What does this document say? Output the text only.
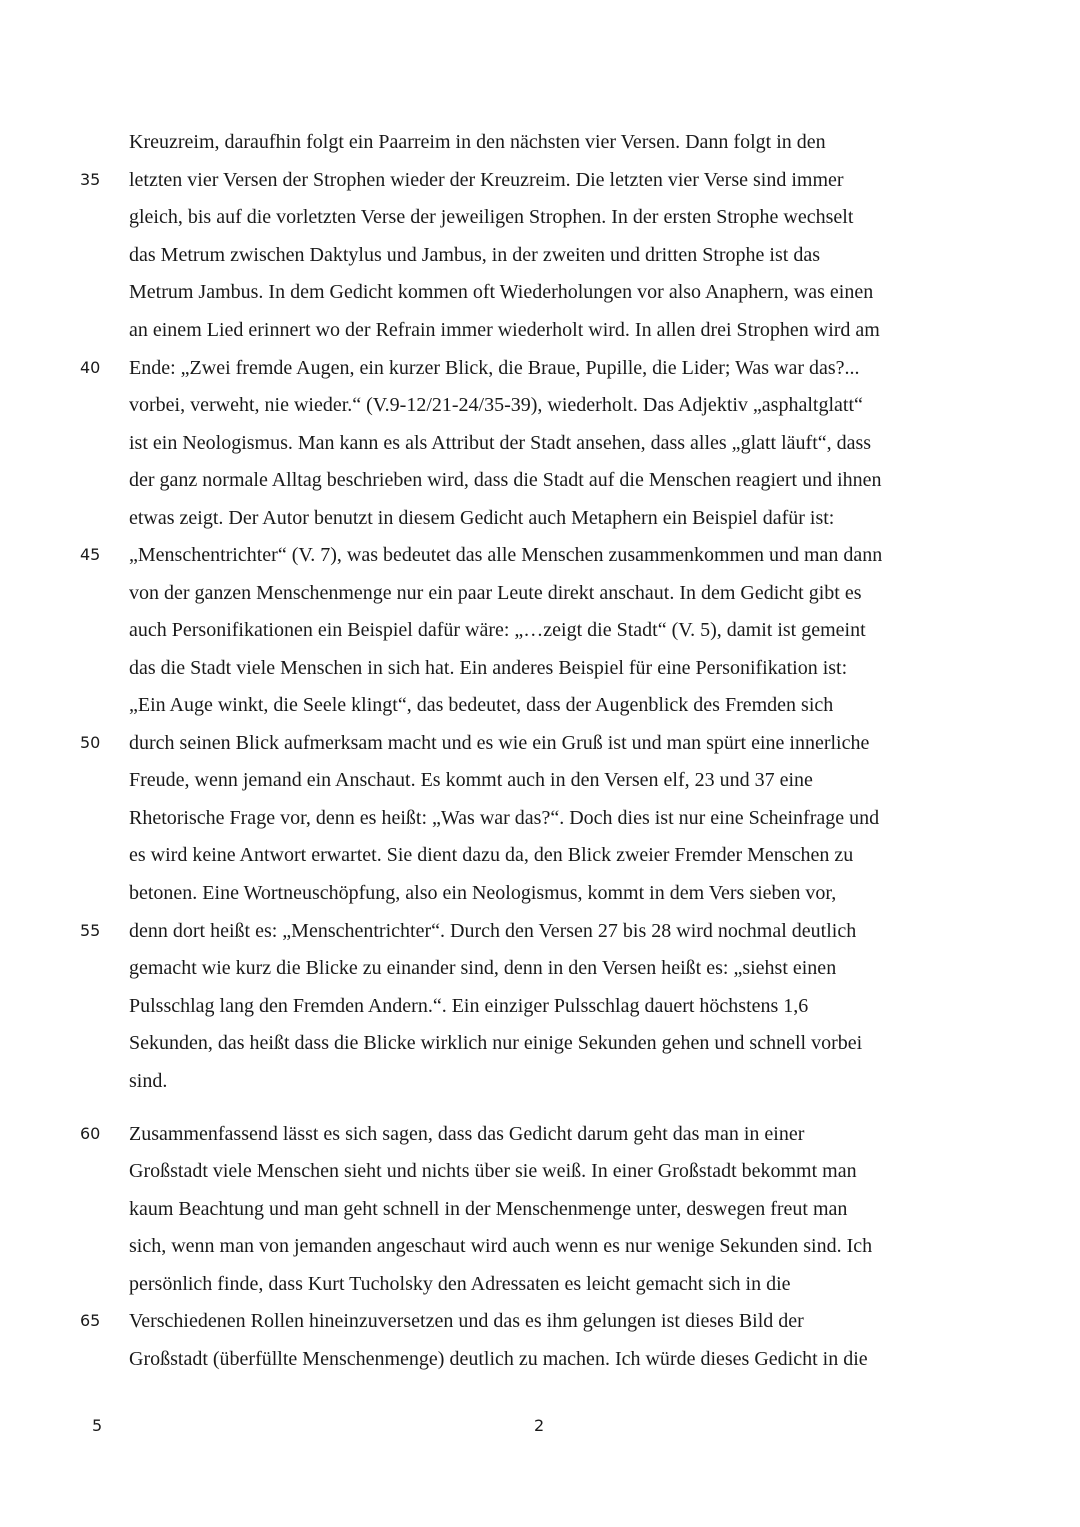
Kreuzreim, daraufhin folgt ein Paarreim in den nächsten vier Versen. Dann folgt in den
35 letzten vier Versen der Strophen wieder der Kreuzreim. Die letzten vier Verse sind immer
gleich, bis auf die vorletzten Verse der jeweiligen Strophen. In der ersten Strophe wechselt
das Metrum zwischen Daktylus und Jambus, in der zweiten und dritten Strophe ist das
Metrum Jambus. In dem Gedicht kommen oft Wiederholungen vor also Anaphern, was einen
an einem Lied erinnert wo der Refrain immer wiederholt wird. In allen drei Strophen wird am
40 Ende: „Zwei fremde Augen, ein kurzer Blick, die Braue, Pupille, die Lider; Was war das?...
vorbei, verweht, nie wieder.“ (V.9-12/21-24/35-39), wiederholt. Das Adjektiv „asphaltglatt“
ist ein Neologismus. Man kann es als Attribut der Stadt ansehen, dass alles „glatt läuft“, dass
der ganz normale Alltag beschrieben wird, dass die Stadt auf die Menschen reagiert und ihnen
etwas zeigt. Der Autor benutzt in diesem Gedicht auch Metaphern ein Beispiel dafür ist:
45 „Menschentrichter“ (V. 7), was bedeutet das alle Menschen zusammenkommen und man dann
von der ganzen Menschenmenge nur ein paar Leute direkt anschaut. In dem Gedicht gibt es
auch Personifikationen ein Beispiel dafür wäre: „…zeigt die Stadt“ (V. 5), damit ist gemeint
das die Stadt viele Menschen in sich hat. Ein anderes Beispiel für eine Personifikation ist:
„Ein Auge winkt, die Seele klingt“, das bedeutet, dass der Augenblick des Fremden sich
50 durch seinen Blick aufmerksam macht und es wie ein Gruß ist und man spürt eine innerliche
Freude, wenn jemand ein Anschaut. Es kommt auch in den Versen elf, 23 und 37 eine
Rhetorische Frage vor, denn es heißt: „Was war das?“. Doch dies ist nur eine Scheinfrage und
es wird keine Antwort erwartet. Sie dient dazu da, den Blick zweier Fremder Menschen zu
betonen. Eine Wortneuschöpfung, also ein Neologismus, kommt in dem Vers sieben vor,
55 denn dort heißt es: „Menschentrichter“. Durch den Versen 27 bis 28 wird nochmal deutlich
gemacht wie kurz die Blicke zu einander sind, denn in den Versen heißt es: „siehst einen
Pulsschlag lang den Fremden Andern.“. Ein einziger Pulsschlag dauert höchstens 1,6
Sekunden, das heißt dass die Blicke wirklich nur einige Sekunden gehen und schnell vorbei
sind.
60 Zusammenfassend lässt es sich sagen, dass das Gedicht darum geht das man in einer
Großstadt viele Menschen sieht und nichts über sie weiß. In einer Großstadt bekommt man
kaum Beachtung und man geht schnell in der Menschenmenge unter, deswegen freut man
sich, wenn man von jemanden angeschaut wird auch wenn es nur wenige Sekunden sind. Ich
persönlich finde, dass Kurt Tucholsky den Adressaten es leicht gemacht sich in die
65 Verschiedenen Rollen hineinzuversetzen und das es ihm gelungen ist dieses Bild der
Großstadt (überfüllte Menschenmenge) deutlich zu machen. Ich würde dieses Gedicht in die
5	2
